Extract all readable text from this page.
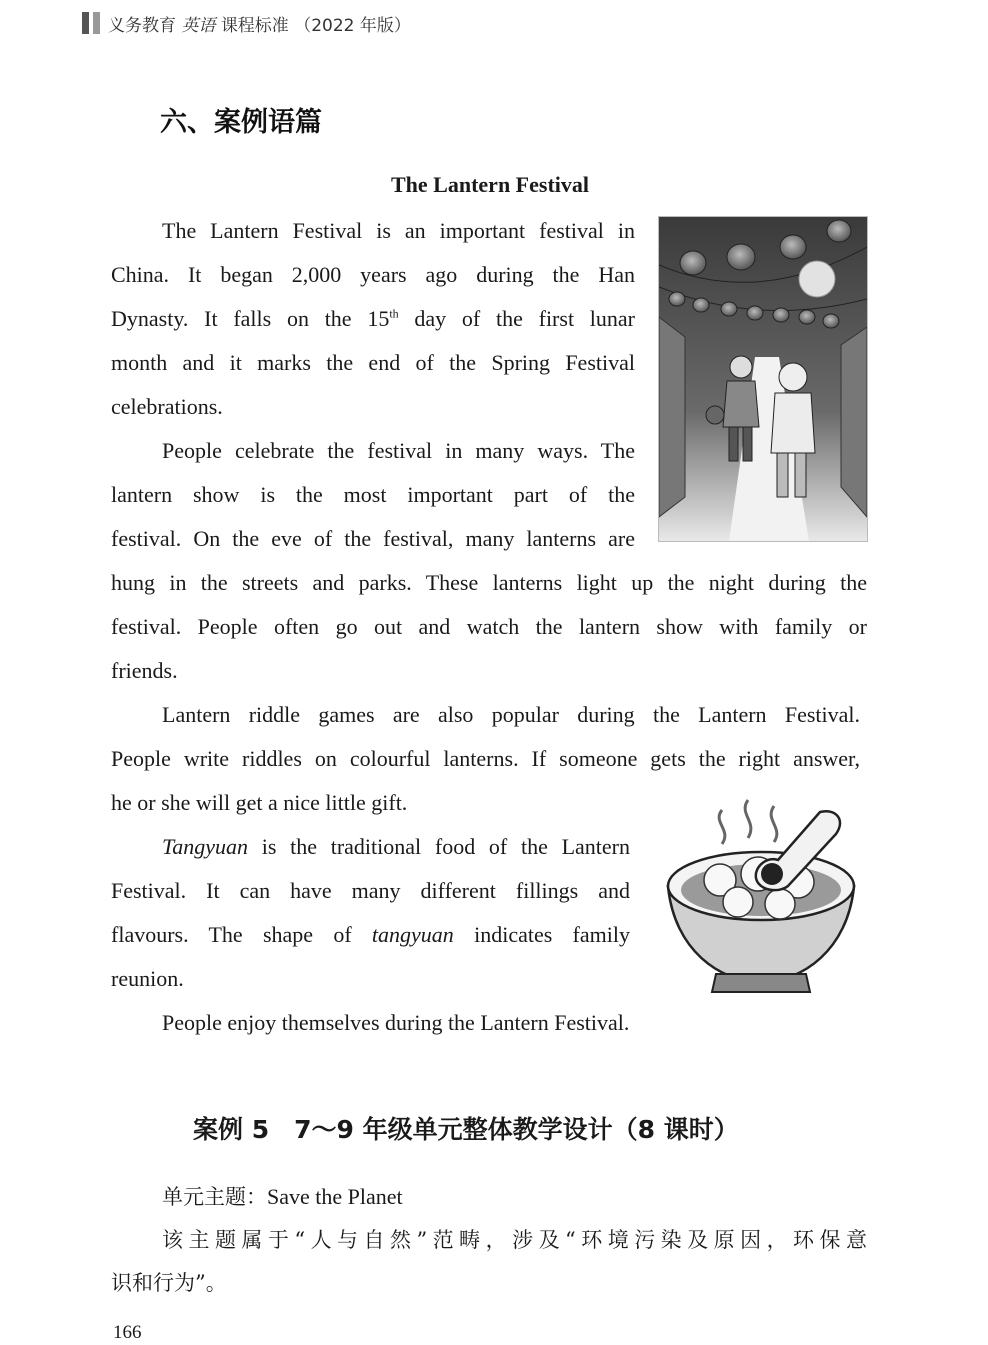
义务教育 英语 课程标准 （2022 年版）
六、案例语篇
The Lantern Festival
The Lantern Festival is an important festival in
China. It began 2,000 years ago during the Han
Dynasty. It falls on the 15th day of the first lunar
month and it marks the end of the Spring Festival
celebrations.
People celebrate the festival in many ways. The
lantern show is the most important part of the
festival. On the eve of the festival, many lanterns are
hung in the streets and parks. These lanterns light up the night during the
festival. People often go out and watch the lantern show with family or
friends.
Lantern riddle games are also popular during the Lantern Festival.
People write riddles on colourful lanterns. If someone gets the right answer,
he or she will get a nice little gift.
Tangyuan is the traditional food of the Lantern
Festival. It can have many different fillings and
flavours. The shape of tangyuan indicates family
reunion.
People enjoy themselves during the Lantern Festival.
案例 5　7～9 年级单元整体教学设计（8 课时）
单元主题：Save the Planet
该主题属于“人与自然”范畴，涉及“环境污染及原因，环保意
识和行为”。
166
